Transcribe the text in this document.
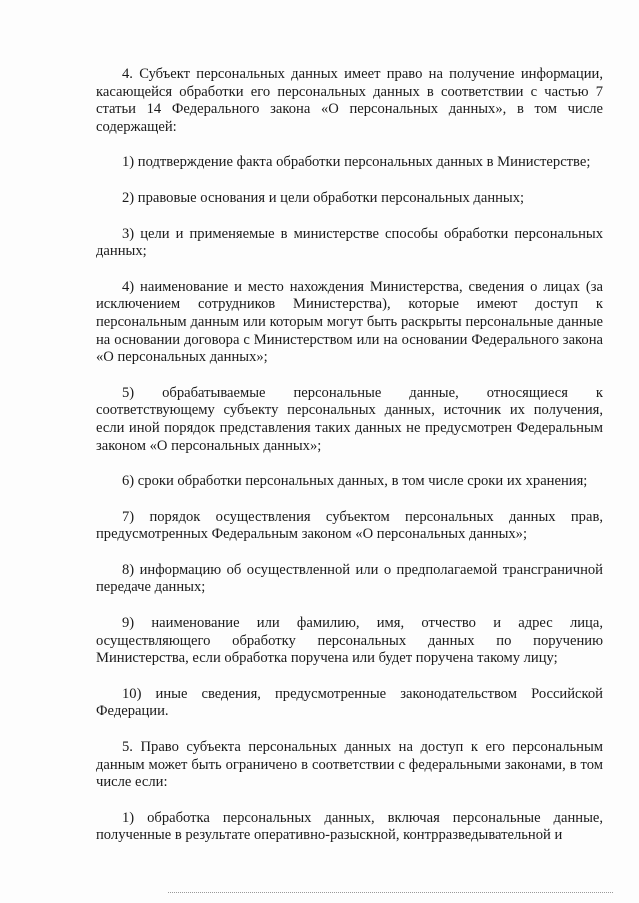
4. Субъект персональных данных имеет право на получение информации, касающейся обработки его персональных данных в соответствии с частью 7 статьи 14 Федерального закона «О персональных данных», в том числе содержащей:

1) подтверждение факта обработки персональных данных в Министерстве;

2) правовые основания и цели обработки персональных данных;

3) цели и применяемые в министерстве способы обработки персональных данных;

4) наименование и место нахождения Министерства, сведения о лицах (за исключением сотрудников Министерства), которые имеют доступ к персональным данным или которым могут быть раскрыты персональные данные на основании договора с Министерством или на основании Федерального закона «О персональных данных»;

5) обрабатываемые персональные данные, относящиеся к соответствующему субъекту персональных данных, источник их получения, если иной порядок представления таких данных не предусмотрен Федеральным законом «О персональных данных»;

6) сроки обработки персональных данных, в том числе сроки их хранения;

7) порядок осуществления субъектом персональных данных прав, предусмотренных Федеральным законом «О персональных данных»;

8) информацию об осуществленной или о предполагаемой трансграничной передаче данных;

9) наименование или фамилию, имя, отчество и адрес лица, осуществляющего обработку персональных данных по поручению Министерства, если обработка поручена или будет поручена такому лицу;

10) иные сведения, предусмотренные законодательством Российской Федерации.

5. Право субъекта персональных данных на доступ к его персональным данным может быть ограничено в соответствии с федеральными законами, в том числе если:

1) обработка персональных данных, включая персональные данные, полученные в результате оперативно-разыскной, контрразведывательной и
